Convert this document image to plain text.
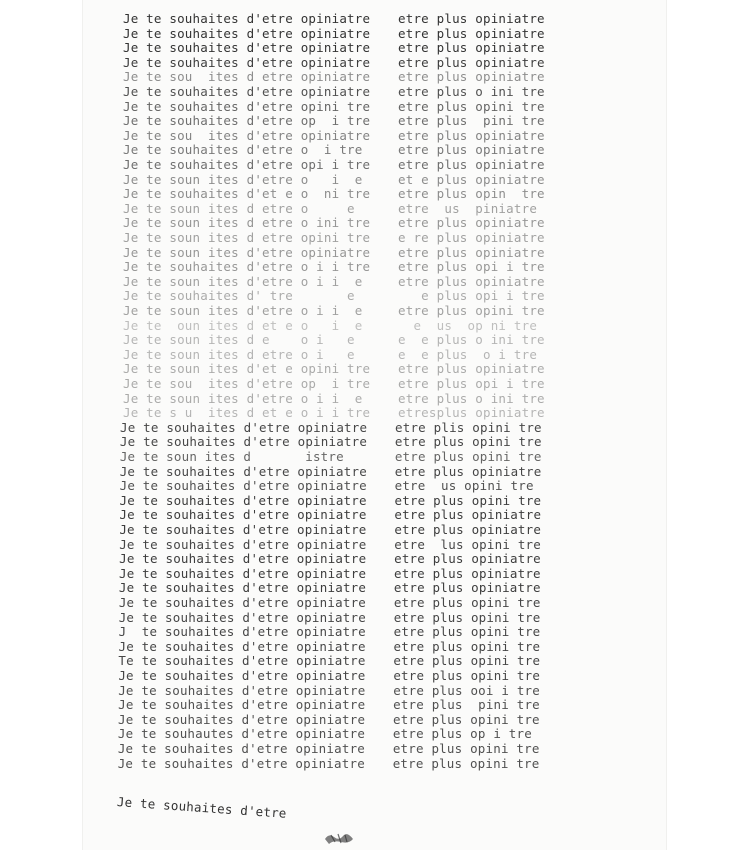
Je te souhaites d'etre
Je te souhaites d'etre opiniatre etre plus opiniatre
Je te souhaites d'etre opiniatre etre plus opiniatre
Je te souhaites d'etre opiniatre etre plus opiniatre
Je te souhaites d'etre opiniatre etre plus opiniatre
Je te sou  ites d etre opiniatre etre plus opiniatre
Je te souhaites d'etre opiniatre etre plus o ini tre
Je te souhaites d'etre opini tre etre plus opini tre
Je te souhaites d'etre op  i tre etre plus  pini tre
Je te sou  ites d'etre opiniatre etre plus opiniatre
Je te souhaites d'etre o  i tre	etre plus opiniatre
Je te souhaites d'etre opi i tre etre plus opiniatre
Je te soun ites d'etre o   i  e	et e plus opiniatre
Je te souhaites d'et e o  ni tre etre plus opin  tre
Je te soun ites d etre o     e	etre  us  piniatre
Je te soun ites d etre o ini tre etre plus opiniatre
Je te soun ites d etre opini tre e re plus opiniatre
Je te soun ites d'etre opiniatre etre plus opiniatre
Je te souhaites d'etre o i i tre etre plus opi i tre
Je te soun ites d'etre o i i  e	etre plus opiniatre
Je te souhaites d' tre       e	e plus opi i tre
Je te soun ites d'etre o i i  e	etre plus opini tre
Je te  oun ites d et e o   i  e	e  us  op ni tre
Je te soun ites d e    o i   e	e  e plus o ini tre
Je te soun ites d etre o i   e	e  e plus  o i tre
Je te soun ites d'et e opini tre etre plus opiniatre
Je te sou  ites d'etre op  i tre etre plus opi i tre
Je te soun ites d'etre o i i  e	etre plus o ini tre
Je te s u  ites d et e o i i tre etresplus opiniatre
Je te souhaites d'etre opiniatre etre plis opini tre
Je te souhaites d'etre opiniatre etre plus opini tre
Je te soun ites d       istre	etre plus opini tre
Je te souhaites d'etre opiniatre etre plus opiniatre
Je te souhaites d'etre opiniatre etre  us opini tre
Je te souhaites d'etre opiniatre etre plus opini tre
Je te souhaites d'etre opiniatre etre plus opiniatre
Je te souhaites d'etre opiniatre etre plus opiniatre
Je te souhaites d'etre opiniatre etre  lus opini tre
Je te souhaites d'etre opiniatre etre plus opiniatre
Je te souhaites d'etre opiniatre etre plus opiniatre
Je te souhaites d'etre opiniatre etre plus opiniatre
Je te souhaites d'etre opiniatre etre plus opini tre
Je te souhaites d'etre opiniatre etre plus opini tre
J  te souhaites d'etre opiniatre etre plus opini tre
Je te souhaites d'etre opiniatre etre plus opini tre
Te te souhaites d'etre opiniatre etre plus opini tre
Je te souhaites d'etre opiniatre etre plus opini tre
Je te souhaites d'etre opiniatre etre plus ooi i tre
Je te souhaites d'etre opiniatre etre plus  pini tre
Je te souhaites d'etre opiniatre etre plus opini tre
Je te souhautes d'etre opiniatre etre plus op i tre
Je te souhaites d'etre opiniatre etre plus opini tre
Je te souhaites d'etre opiniatre etre plus opini tre
